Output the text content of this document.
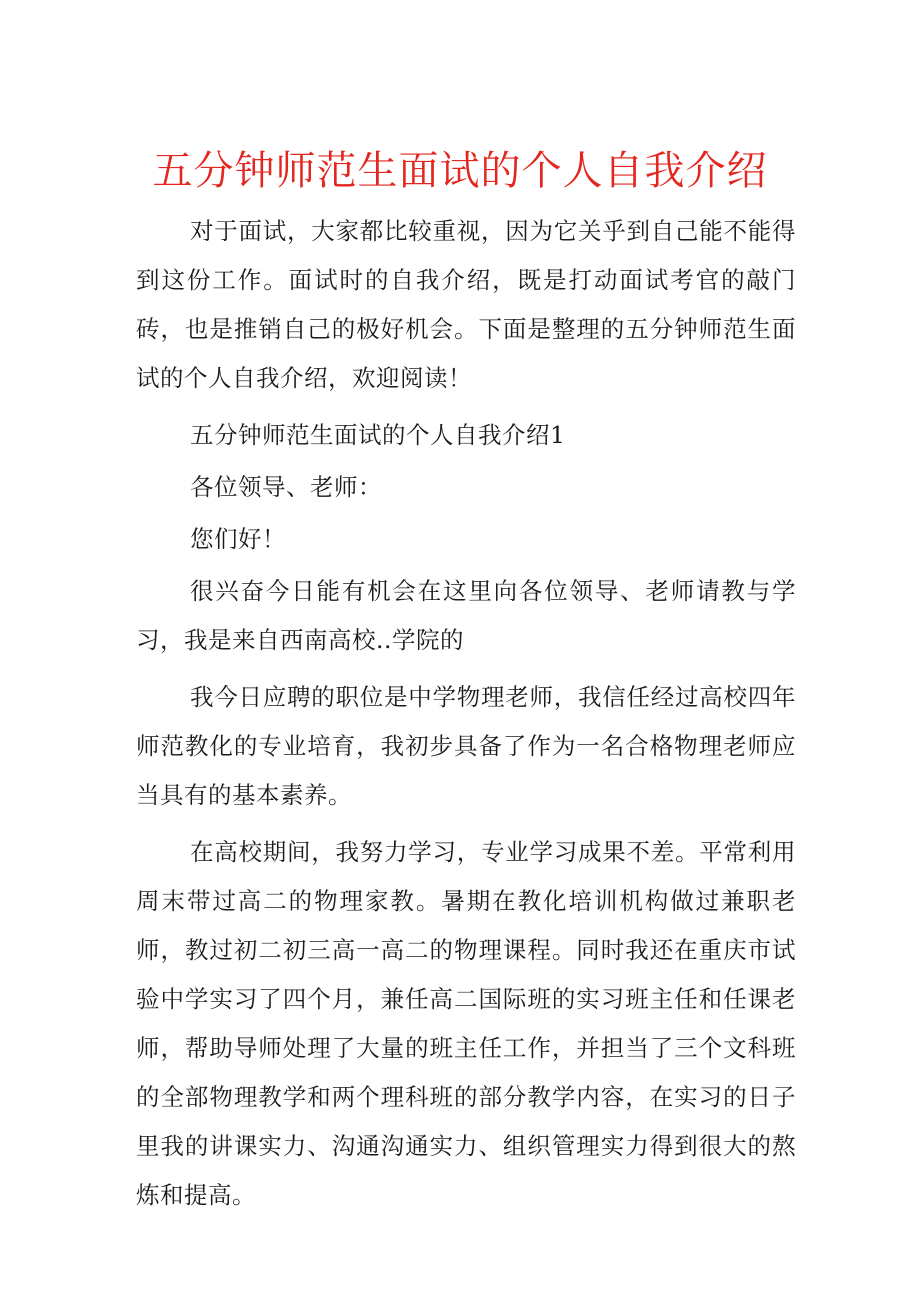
五分钟师范生面试的个人自我介绍

对于面试，大家都比较重视，因为它关乎到自己能不能得到这份工作。面试时的自我介绍，既是打动面试考官的敲门砖，也是推销自己的极好机会。下面是整理的五分钟师范生面试的个人自我介绍，欢迎阅读！

五分钟师范生面试的个人自我介绍1

各位领导、老师：

您们好！

很兴奋今日能有机会在这里向各位领导、老师请教与学习，我是来自西南高校..学院的

我今日应聘的职位是中学物理老师，我信任经过高校四年师范教化的专业培育，我初步具备了作为一名合格物理老师应当具有的基本素养。

在高校期间，我努力学习，专业学习成果不差。平常利用周末带过高二的物理家教。暑期在教化培训机构做过兼职老师，教过初二初三高一高二的物理课程。同时我还在重庆市试验中学实习了四个月，兼任高二国际班的实习班主任和任课老师，帮助导师处理了大量的班主任工作，并担当了三个文科班的全部物理教学和两个理科班的部分教学内容，在实习的日子里我的讲课实力、沟通沟通实力、组织管理实力得到很大的熬炼和提高。
